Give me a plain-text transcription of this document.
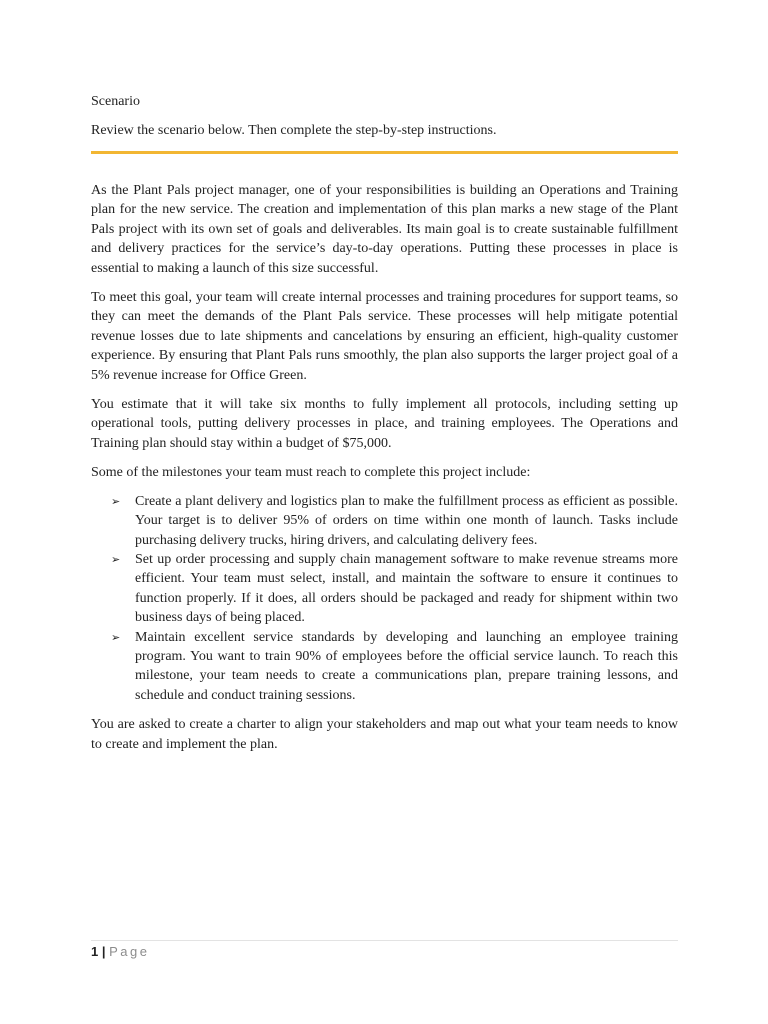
Scenario

Review the scenario below. Then complete the step-by-step instructions.

As the Plant Pals project manager, one of your responsibilities is building an Operations and Training plan for the new service. The creation and implementation of this plan marks a new stage of the Plant Pals project with its own set of goals and deliverables. Its main goal is to create sustainable fulfillment and delivery practices for the service’s day-to-day operations. Putting these processes in place is essential to making a launch of this size successful.

To meet this goal, your team will create internal processes and training procedures for support teams, so they can meet the demands of the Plant Pals service. These processes will help mitigate potential revenue losses due to late shipments and cancelations by ensuring an efficient, high-quality customer experience. By ensuring that Plant Pals runs smoothly, the plan also supports the larger project goal of a 5% revenue increase for Office Green.

You estimate that it will take six months to fully implement all protocols, including setting up operational tools, putting delivery processes in place, and training employees. The Operations and Training plan should stay within a budget of $75,000.

Some of the milestones your team must reach to complete this project include:

➢ Create a plant delivery and logistics plan to make the fulfillment process as efficient as possible. Your target is to deliver 95% of orders on time within one month of launch. Tasks include purchasing delivery trucks, hiring drivers, and calculating delivery fees.
➢ Set up order processing and supply chain management software to make revenue streams more efficient. Your team must select, install, and maintain the software to ensure it continues to function properly. If it does, all orders should be packaged and ready for shipment within two business days of being placed.
➢ Maintain excellent service standards by developing and launching an employee training program. You want to train 90% of employees before the official service launch. To reach this milestone, your team needs to create a communications plan, prepare training lessons, and schedule and conduct training sessions.

You are asked to create a charter to align your stakeholders and map out what your team needs to know to create and implement the plan.

1 | Page
